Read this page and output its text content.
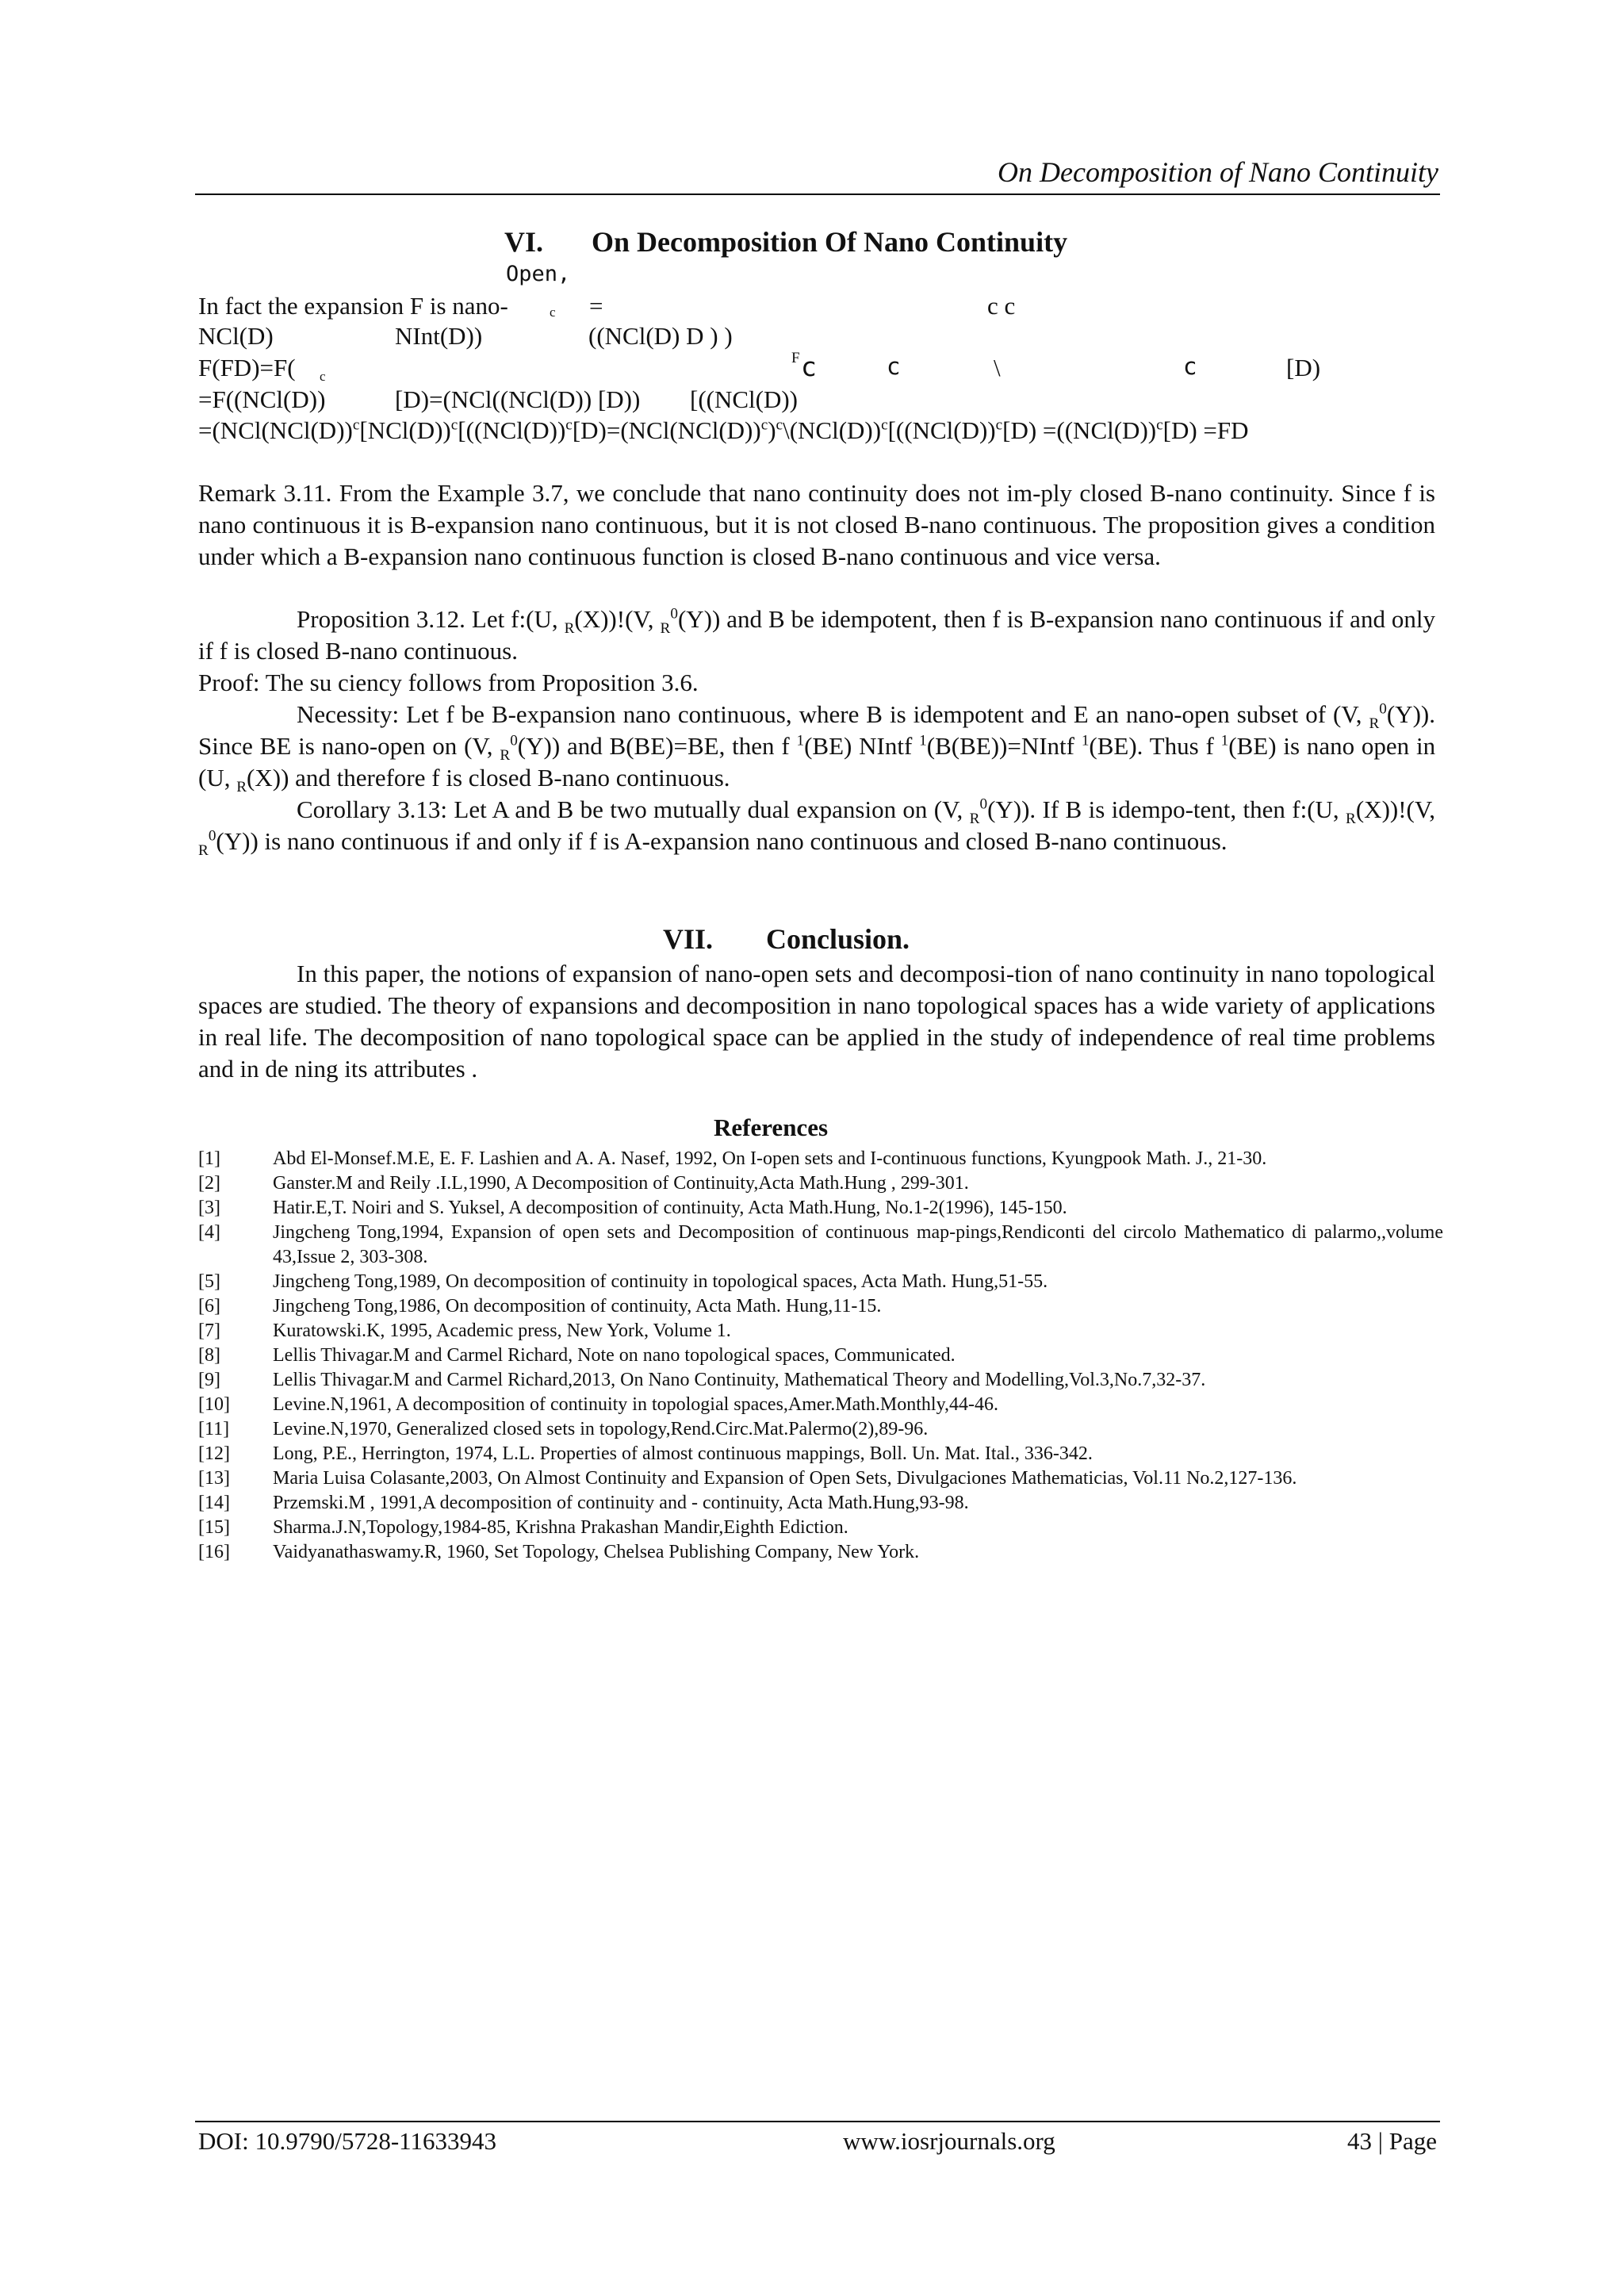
On Decomposition of Nano Continuity
VI. On Decomposition Of Nano Continuity
Open,
In fact the expansion F is nano-	c =	c c
NCl(D)	NInt(D))	((NCl(D) D ) )
F(FD)=F( c
F c	c	\	c	[D)
=F((NCl(D))	[D)=(NCl((NCl(D)) [D)) [((NCl(D))
$=(NCl(NCl(D))^c[NCl(D))^c[((NCl(D))^c[D)=(NCl(NCl(D))^c)^c\backslash(NCl(D))^c[((NCl(D))^c[D) =((NCl(D))^c[D) =FD$
Remark 3.11. From the Example 3.7, we conclude that nano continuity does not im-ply closed B-nano continuity. Since f is nano continuous it is B-expansion nano continuous, but it is not closed B-nano continuous. The proposition gives a condition under which a B-expansion nano continuous function is closed B-nano continuous and vice versa.
Proposition 3.12. Let f:(U, $_R$(X))!(V, $_R^0$(Y)) and B be idempotent, then f is B-expansion nano continuous if and only if f is closed B-nano continuous.
Proof: The su ciency follows from Proposition 3.6.
Necessity: Let f be B-expansion nano continuous, where B is idempotent and E an nano-open subset of (V, $_R^0$(Y)). Since BE is nano-open on (V, $_R^0$(Y)) and B(BE)=BE, then f $^1$(BE) NIntf $^1$(B(BE))=NIntf $^1$(BE). Thus f $^1$(BE) is nano open in (U, $_R$(X)) and therefore f is closed B-nano continuous.
Corollary 3.13: Let A and B be two mutually dual expansion on (V, $_R^0$(Y)). If B is idempo-tent, then f:(U, $_R$(X))!(V, $_R^0$(Y)) is nano continuous if and only if f is A-expansion nano continuous and closed B-nano continuous.
VII. Conclusion.
In this paper, the notions of expansion of nano-open sets and decomposi-tion of nano continuity in nano topological spaces are studied. The theory of expansions and decomposition in nano topological spaces has a wide variety of applications in real life. The decomposition of nano topological space can be applied in the study of independence of real time problems and in de ning its attributes .
References
[1]	Abd El-Monsef.M.E, E. F. Lashien and A. A. Nasef, 1992, On I-open sets and I-continuous functions, Kyungpook Math. J., 21-30.
[2]	Ganster.M and Reily .I.L,1990, A Decomposition of Continuity,Acta Math.Hung , 299-301.
[3]	Hatir.E,T. Noiri and S. Yuksel, A decomposition of continuity, Acta Math.Hung, No.1-2(1996), 145-150.
[4]	Jingcheng Tong,1994, Expansion of open sets and Decomposition of continuous map-pings,Rendiconti del circolo Mathematico di palarmo,,volume 43,Issue 2, 303-308.
[5]	Jingcheng Tong,1989, On decomposition of continuity in topological spaces, Acta Math. Hung,51-55.
[6]	Jingcheng Tong,1986, On decomposition of continuity, Acta Math. Hung,11-15.
[7]	Kuratowski.K, 1995, Academic press, New York, Volume 1.
[8]	Lellis Thivagar.M and Carmel Richard, Note on nano topological spaces, Communicated.
[9]	Lellis Thivagar.M and Carmel Richard,2013, On Nano Continuity, Mathematical Theory and Modelling,Vol.3,No.7,32-37.
[10]	Levine.N,1961, A decomposition of continuity in topologial spaces,Amer.Math.Monthly,44-46.
[11]	Levine.N,1970, Generalized closed sets in topology,Rend.Circ.Mat.Palermo(2),89-96.
[12]	Long, P.E., Herrington, 1974, L.L. Properties of almost continuous mappings, Boll. Un. Mat. Ital., 336-342.
[13]	Maria Luisa Colasante,2003, On Almost Continuity and Expansion of Open Sets, Divulgaciones Mathematicias, Vol.11 No.2,127-136.
[14]	Przemski.M , 1991,A decomposition of continuity and - continuity, Acta Math.Hung,93-98.
[15]	Sharma.J.N,Topology,1984-85, Krishna Prakashan Mandir,Eighth Ediction.
[16]	Vaidyanathaswamy.R, 1960, Set Topology, Chelsea Publishing Company, New York.
DOI: 10.9790/5728-11633943	www.iosrjournals.org	43 | Page
